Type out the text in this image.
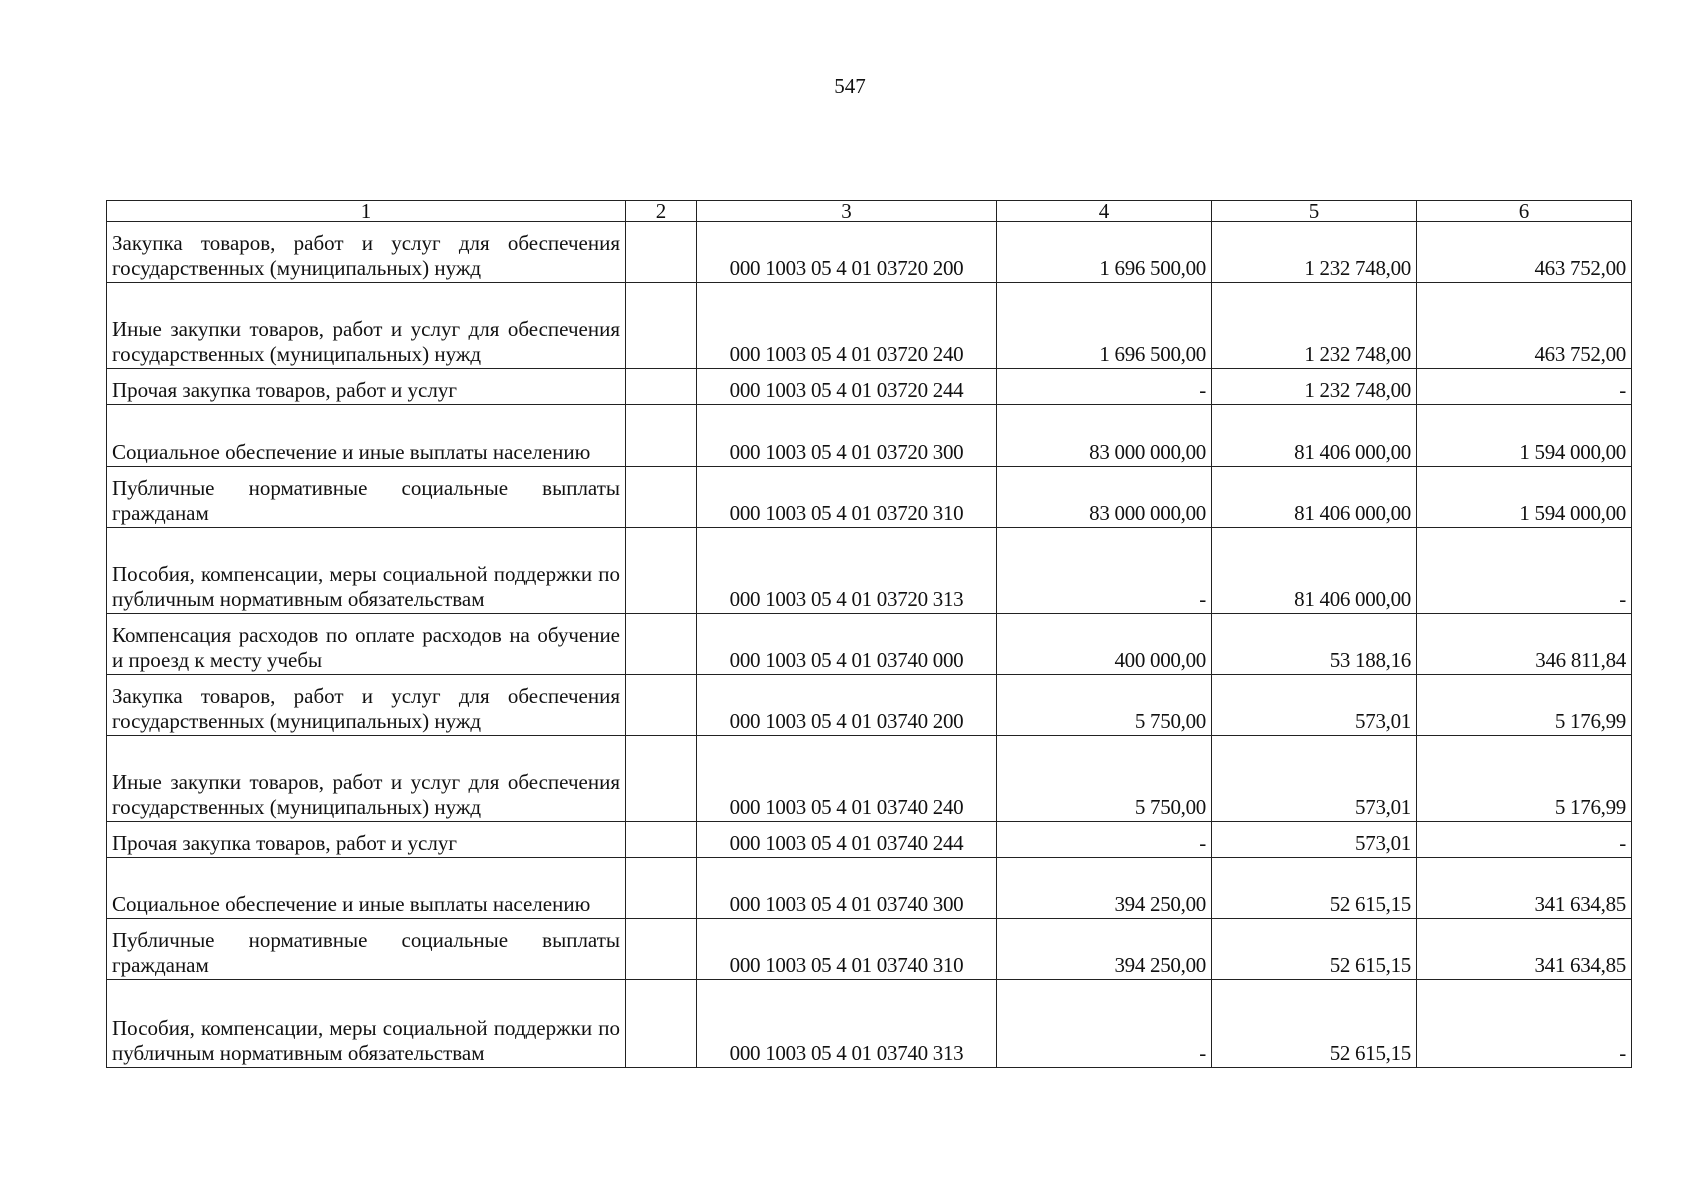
547
1	2	3	4	5	6
Закупка товаров, работ и услуг для обеспечения государственных (муниципальных) нужд		000 1003 05 4 01 03720 200	1 696 500,00	1 232 748,00	463 752,00
Иные закупки товаров, работ и услуг для обеспечения государственных (муниципальных) нужд		000 1003 05 4 01 03720 240	1 696 500,00	1 232 748,00	463 752,00
Прочая закупка товаров, работ и услуг		000 1003 05 4 01 03720 244	-	1 232 748,00	-
Социальное обеспечение и иные выплаты населению		000 1003 05 4 01 03720 300	83 000 000,00	81 406 000,00	1 594 000,00
Публичные нормативные социальные выплаты гражданам		000 1003 05 4 01 03720 310	83 000 000,00	81 406 000,00	1 594 000,00
Пособия, компенсации, меры социальной поддержки по публичным нормативным обязательствам		000 1003 05 4 01 03720 313	-	81 406 000,00	-
Компенсация расходов по оплате расходов на обучение и проезд к месту учебы		000 1003 05 4 01 03740 000	400 000,00	53 188,16	346 811,84
Закупка товаров, работ и услуг для обеспечения государственных (муниципальных) нужд		000 1003 05 4 01 03740 200	5 750,00	573,01	5 176,99
Иные закупки товаров, работ и услуг для обеспечения государственных (муниципальных) нужд		000 1003 05 4 01 03740 240	5 750,00	573,01	5 176,99
Прочая закупка товаров, работ и услуг		000 1003 05 4 01 03740 244	-	573,01	-
Социальное обеспечение и иные выплаты населению		000 1003 05 4 01 03740 300	394 250,00	52 615,15	341 634,85
Публичные нормативные социальные выплаты гражданам		000 1003 05 4 01 03740 310	394 250,00	52 615,15	341 634,85
Пособия, компенсации, меры социальной поддержки по публичным нормативным обязательствам		000 1003 05 4 01 03740 313	-	52 615,15	-
